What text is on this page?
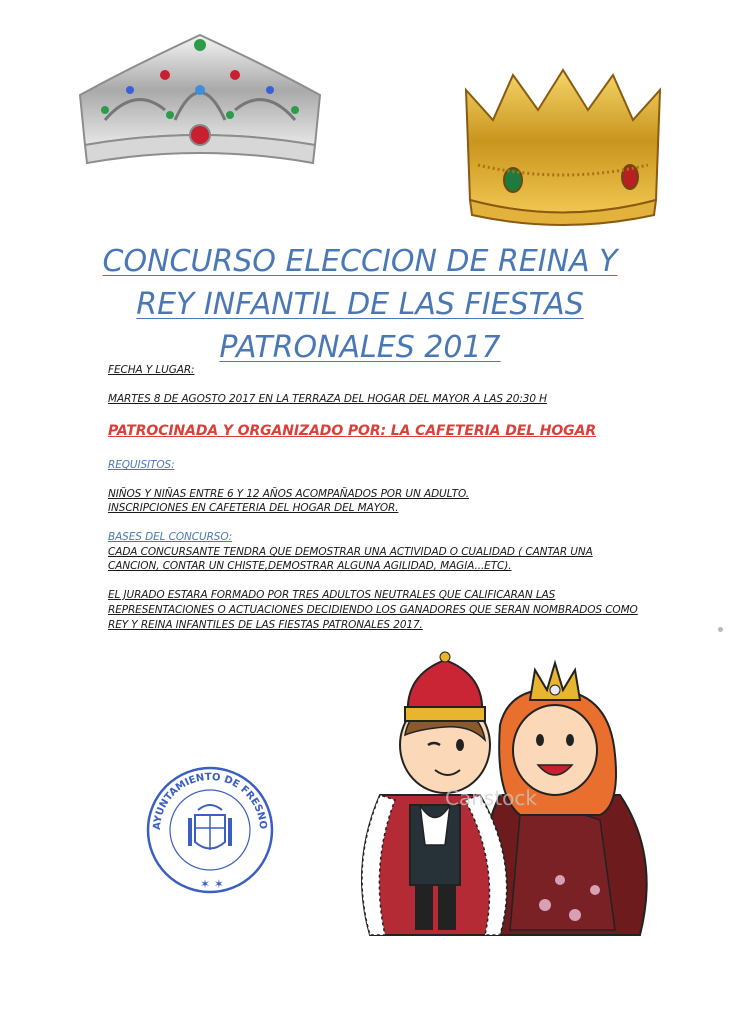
CONCURSO ELECCION DE REINA Y
REY INFANTIL DE LAS FIESTAS
PATRONALES 2017
FECHA Y LUGAR:
MARTES 8 DE AGOSTO 2017 EN LA TERRAZA DEL HOGAR DEL MAYOR A LAS 20:30 H
PATROCINADA Y ORGANIZADO POR: LA CAFETERIA DEL HOGAR
REQUISITOS:
NIÑOS Y NIÑAS ENTRE 6 Y 12 AÑOS ACOMPAÑADOS POR UN ADULTO.
INSCRIPCIONES EN CAFETERIA DEL HOGAR DEL MAYOR.
BASES DEL CONCURSO:
CADA CONCURSANTE TENDRA QUE DEMOSTRAR UNA ACTIVIDAD O CUALIDAD ( CANTAR UNA
CANCION, CONTAR UN CHISTE,DEMOSTRAR ALGUNA AGILIDAD, MAGIA...ETC).
EL JURADO ESTARA FORMADO POR TRES ADULTOS NEUTRALES QUE CALIFICARAN LAS
REPRESENTACIONES O ACTUACIONES DECIDIENDO LOS GANADORES QUE SERAN NOMBRADOS COMO
REY Y REINA INFANTILES DE LAS FIESTAS PATRONALES 2017.
AYUNTAMIENTO DE FRESNO DE TOROTE
✶ ✶
Canstock
